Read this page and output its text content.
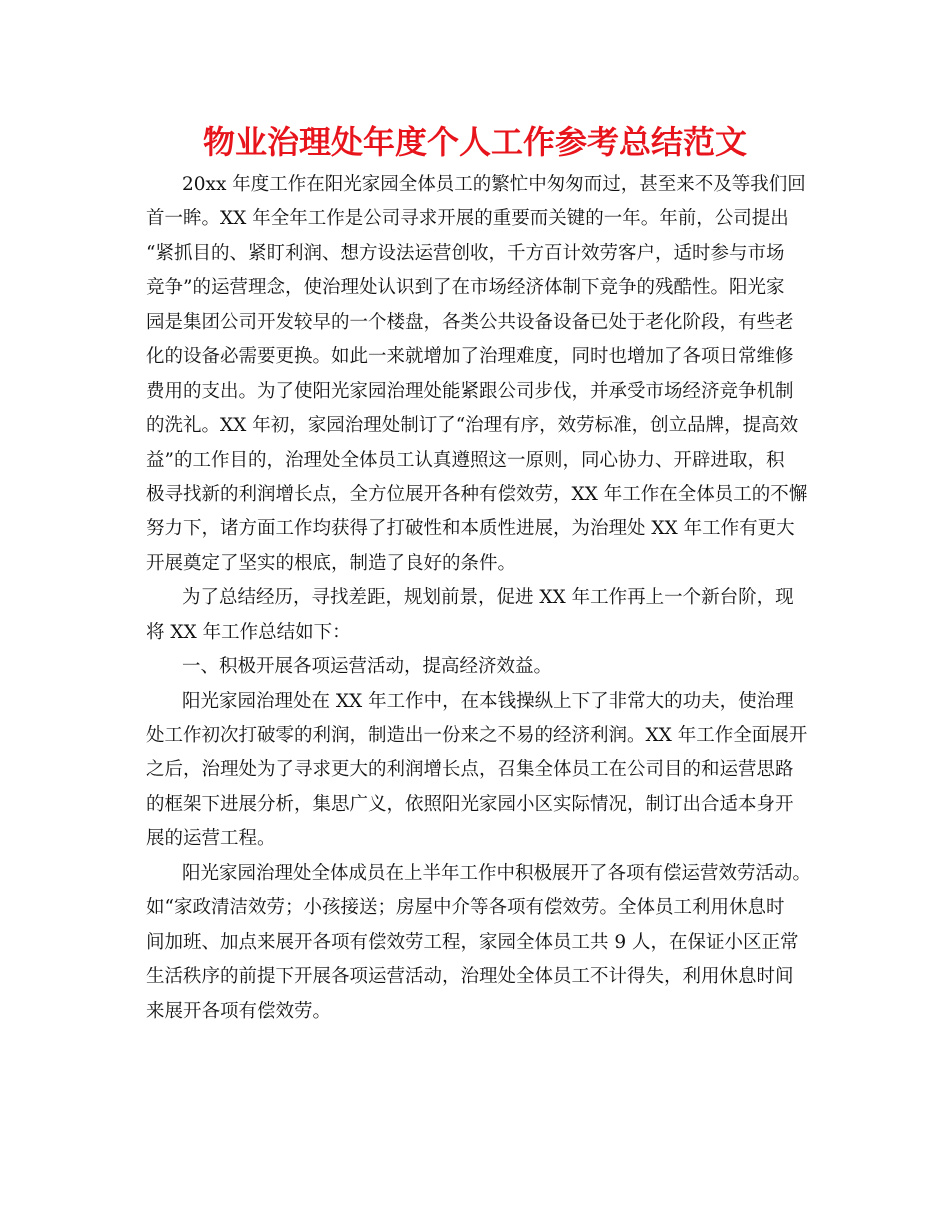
物业治理处年度个人工作参考总结范文

20xx 年度工作在阳光家园全体员工的繁忙中匆匆而过，甚至来不及等我们回

首一眸。XX 年全年工作是公司寻求开展的重要而关键的一年。年前，公司提出

“紧抓目的、紧盯利润、想方设法运营创收，千方百计效劳客户，适时参与市场

竞争”的运营理念，使治理处认识到了在市场经济体制下竞争的残酷性。阳光家

园是集团公司开发较早的一个楼盘，各类公共设备设备已处于老化阶段，有些老

化的设备必需要更换。如此一来就增加了治理难度，同时也增加了各项日常维修

费用的支出。为了使阳光家园治理处能紧跟公司步伐，并承受市场经济竞争机制

的洗礼。XX 年初，家园治理处制订了“治理有序，效劳标准，创立品牌，提高效

益”的工作目的，治理处全体员工认真遵照这一原则，同心协力、开辟进取，积

极寻找新的利润增长点，全方位展开各种有偿效劳，XX 年工作在全体员工的不懈

努力下，诸方面工作均获得了打破性和本质性进展，为治理处 XX 年工作有更大

开展奠定了坚实的根底，制造了良好的条件。

为了总结经历，寻找差距，规划前景，促进 XX 年工作再上一个新台阶，现

将 XX 年工作总结如下：

一、积极开展各项运营活动，提高经济效益。

阳光家园治理处在 XX 年工作中，在本钱操纵上下了非常大的功夫，使治理

处工作初次打破零的利润，制造出一份来之不易的经济利润。XX 年工作全面展开

之后，治理处为了寻求更大的利润增长点，召集全体员工在公司目的和运营思路

的框架下进展分析，集思广义，依照阳光家园小区实际情况，制订出合适本身开

展的运营工程。

阳光家园治理处全体成员在上半年工作中积极展开了各项有偿运营效劳活动。

如“家政清洁效劳；小孩接送；房屋中介等各项有偿效劳。全体员工利用休息时

间加班、加点来展开各项有偿效劳工程，家园全体员工共 9 人，在保证小区正常

生活秩序的前提下开展各项运营活动，治理处全体员工不计得失，利用休息时间

来展开各项有偿效劳。
